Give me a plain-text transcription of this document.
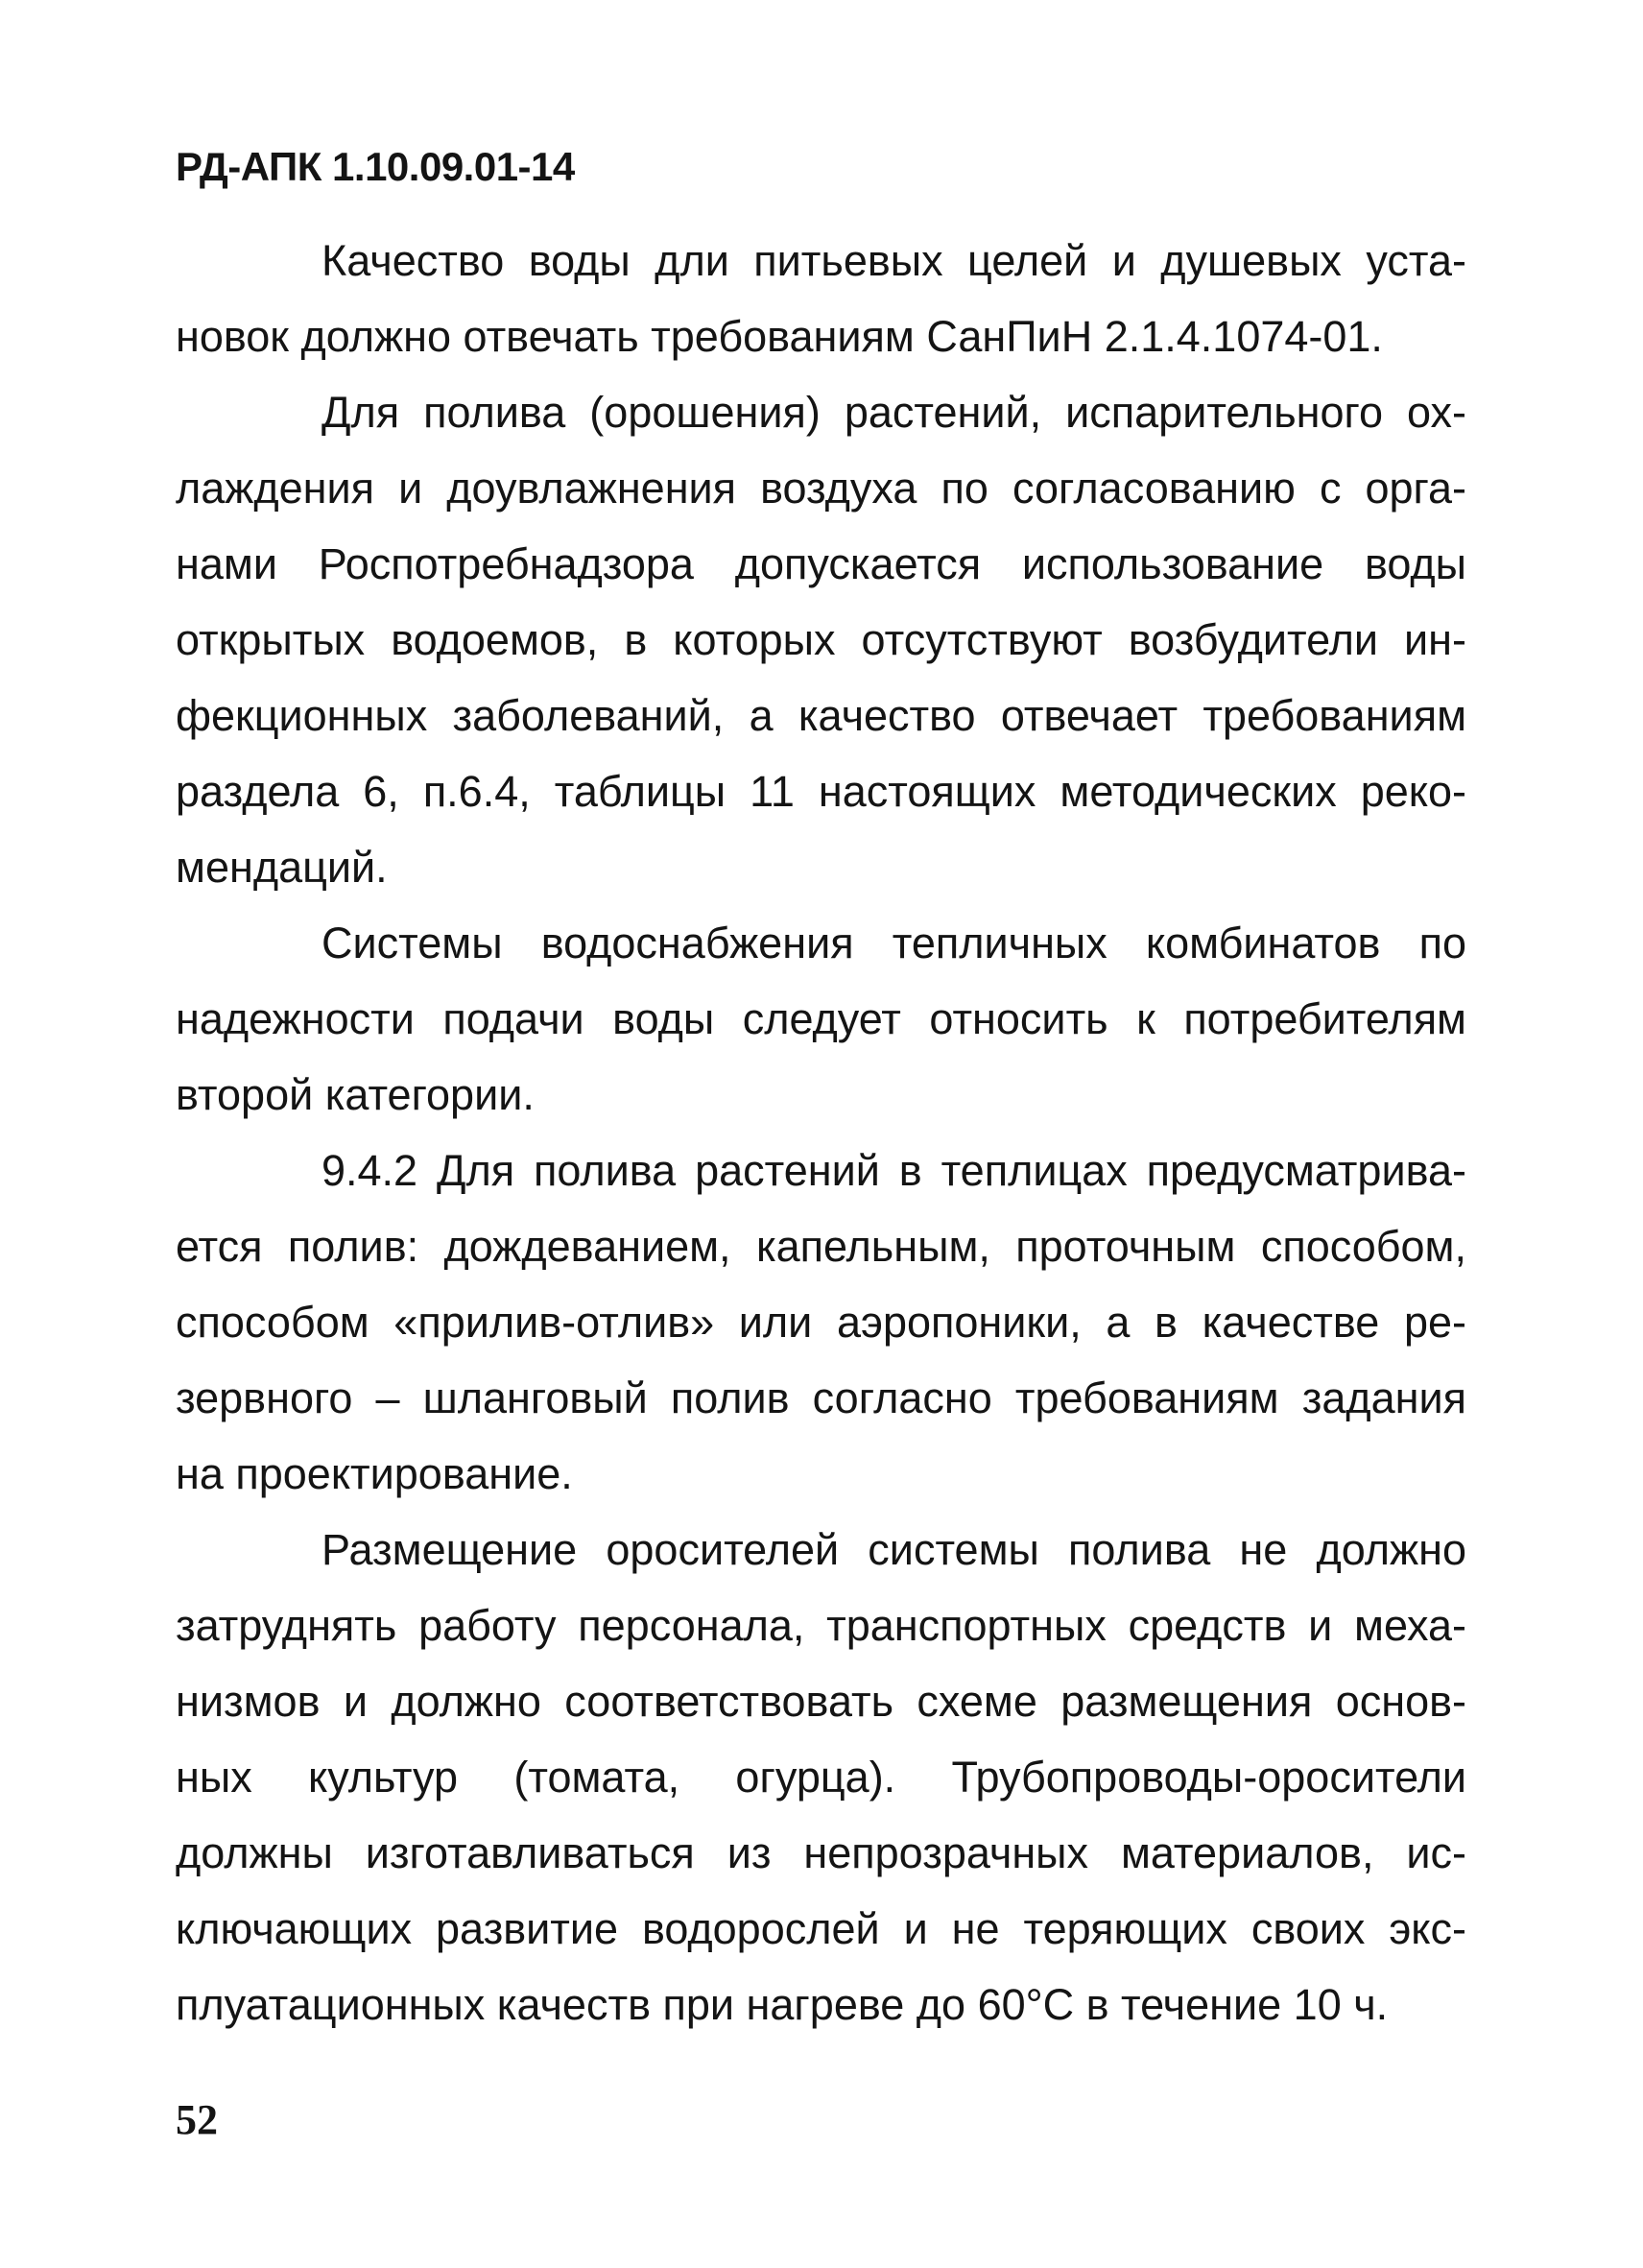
РД-АПК 1.10.09.01-14
Качество воды дли питьевых целей и душевых уста-
новок должно отвечать требованиям СанПиН 2.1.4.1074-01.
Для полива (орошения) растений, испарительного ох-
лаждения и доувлажнения воздуха по согласованию с орга-
нами Роспотребнадзора допускается использование воды
открытых водоемов, в которых отсутствуют возбудители ин-
фекционных заболеваний, а качество отвечает требованиям
раздела 6, п.6.4, таблицы 11 настоящих методических реко-
мендаций.
Системы водоснабжения тепличных комбинатов по
надежности подачи воды следует относить к потребителям
второй категории.
9.4.2 Для полива растений в теплицах предусматрива-
ется полив: дождеванием, капельным, проточным способом,
способом «прилив-отлив» или аэропоники, а в качестве ре-
зервного – шланговый полив согласно требованиям задания
на проектирование.
Размещение оросителей системы полива не должно
затруднять работу персонала, транспортных средств и меха-
низмов и должно соответствовать схеме размещения основ-
ных культур (томата, огурца). Трубопроводы-оросители
должны изготавливаться из непрозрачных материалов, ис-
ключающих развитие водорослей и не теряющих своих экс-
плуатационных качеств при нагреве до 60°С в течение 10 ч.
52
